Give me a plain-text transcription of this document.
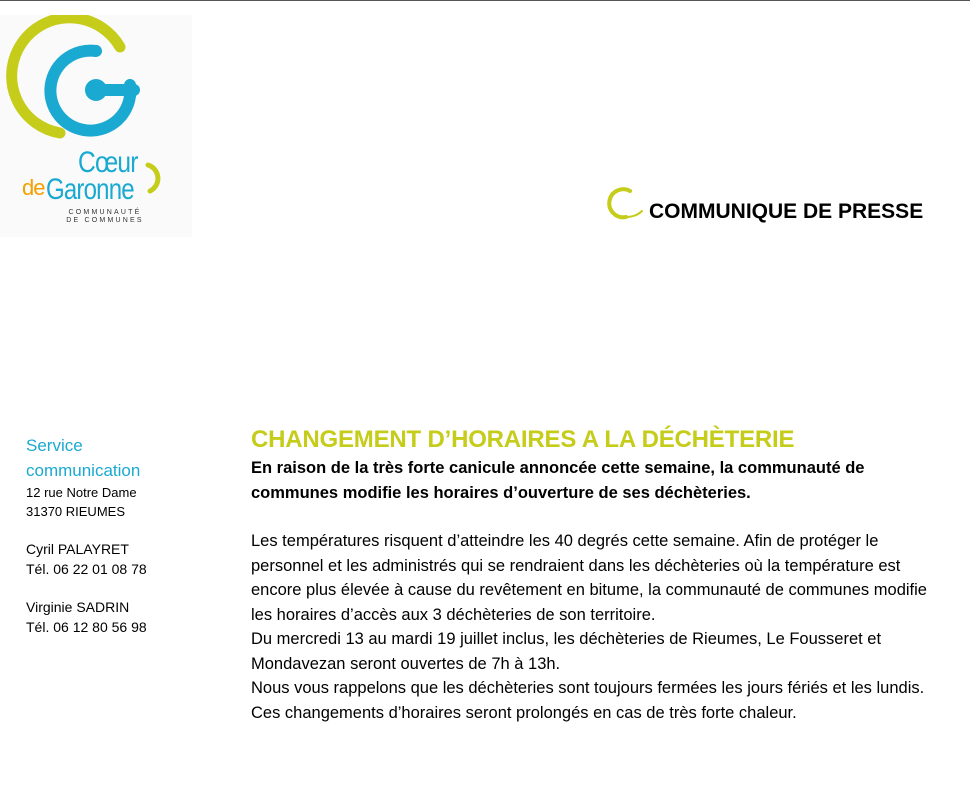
Cœur
de Garonne
COMMUNAUTÉ
DE COMMUNES	COMMUNIQUE DE PRESSE
Service
communication
12 rue Notre Dame
31370 RIEUMES
Cyril PALAYRET
Tél. 06 22 01 08 78
Virginie SADRIN
Tél. 06 12 80 56 98
CHANGEMENT D’HORAIRES A LA DÉCHÈTERIE
En raison de la très forte canicule annoncée cette semaine, la communauté de communes modifie les horaires d’ouverture de ses déchèteries.

Les températures risquent d’atteindre les 40 degrés cette semaine. Afin de protéger le personnel et les administrés qui se rendraient dans les déchèteries où la température est encore plus élevée à cause du revêtement en bitume, la communauté de communes modifie les horaires d’accès aux 3 déchèteries de son territoire.

Du mercredi 13 au mardi 19 juillet inclus, les déchèteries de Rieumes, Le Fousseret et Mondavezan seront ouvertes de 7h à 13h.

Nous vous rappelons que les déchèteries sont toujours fermées les jours fériés et les lundis.

Ces changements d’horaires seront prolongés en cas de très forte chaleur.
